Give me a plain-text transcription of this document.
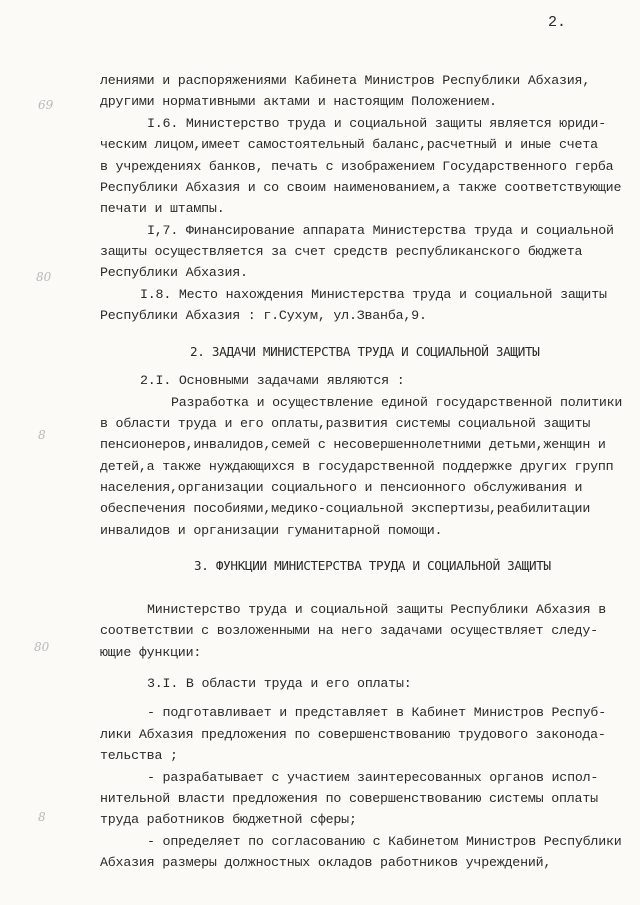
2.
69
80
8
80
8
лениями и распоряжениями Кабинета Министров Республики Абхазия,
другими нормативными актами и настоящим Положением.
I.6. Министерство труда и социальной защиты является юриди-
ческим лицом,имеет самостоятельный баланс,расчетный и иные счета
в учреждениях банков, печать с изображением Государственного герба
Республики Абхазия и со своим наименованием,а также соответствующие
печати и штампы.
I,7. Финансирование аппарата Министерства труда и социальной
защиты осуществляется за счет средств республиканского бюджета
Республики Абхазия.
I.8. Место нахождения Министерства труда и социальной защиты
Республики Абхазия : г.Сухум, ул.Званба,9.
2. ЗАДАЧИ МИНИСТЕРСТВА ТРУДА И СОЦИАЛЬНОЙ ЗАЩИТЫ
2.I. Основными задачами являются :
Разработка и осуществление единой государственной политики
в области труда и его оплаты,развития системы социальной защиты
пенсионеров,инвалидов,семей с несовершеннолетними детьми,женщин и
детей,а также нуждающихся в государственной поддержке других групп
населения,организации социального и пенсионного обслуживания и
обеспечения пособиями,медико-социальной экспертизы,реабилитации
инвалидов и организации гуманитарной помощи.
3. ФУНКЦИИ МИНИСТЕРСТВА ТРУДА И СОЦИАЛЬНОЙ ЗАЩИТЫ
Министерство труда и социальной защиты Республики Абхазия в
соответствии с возложенными на него задачами осуществляет следу-
ющие функции:
3.I. В области труда и его оплаты:
- подготавливает и представляет в Кабинет Министров Респуб-
лики Абхазия предложения по совершенствованию трудового законода-
тельства ;
- разрабатывает с участием заинтересованных органов испол-
нительной власти предложения по совершенствованию системы оплаты
труда работников бюджетной сферы;
- определяет по согласованию с Кабинетом Министров Республики
Абхазия размеры должностных окладов работников учреждений,
